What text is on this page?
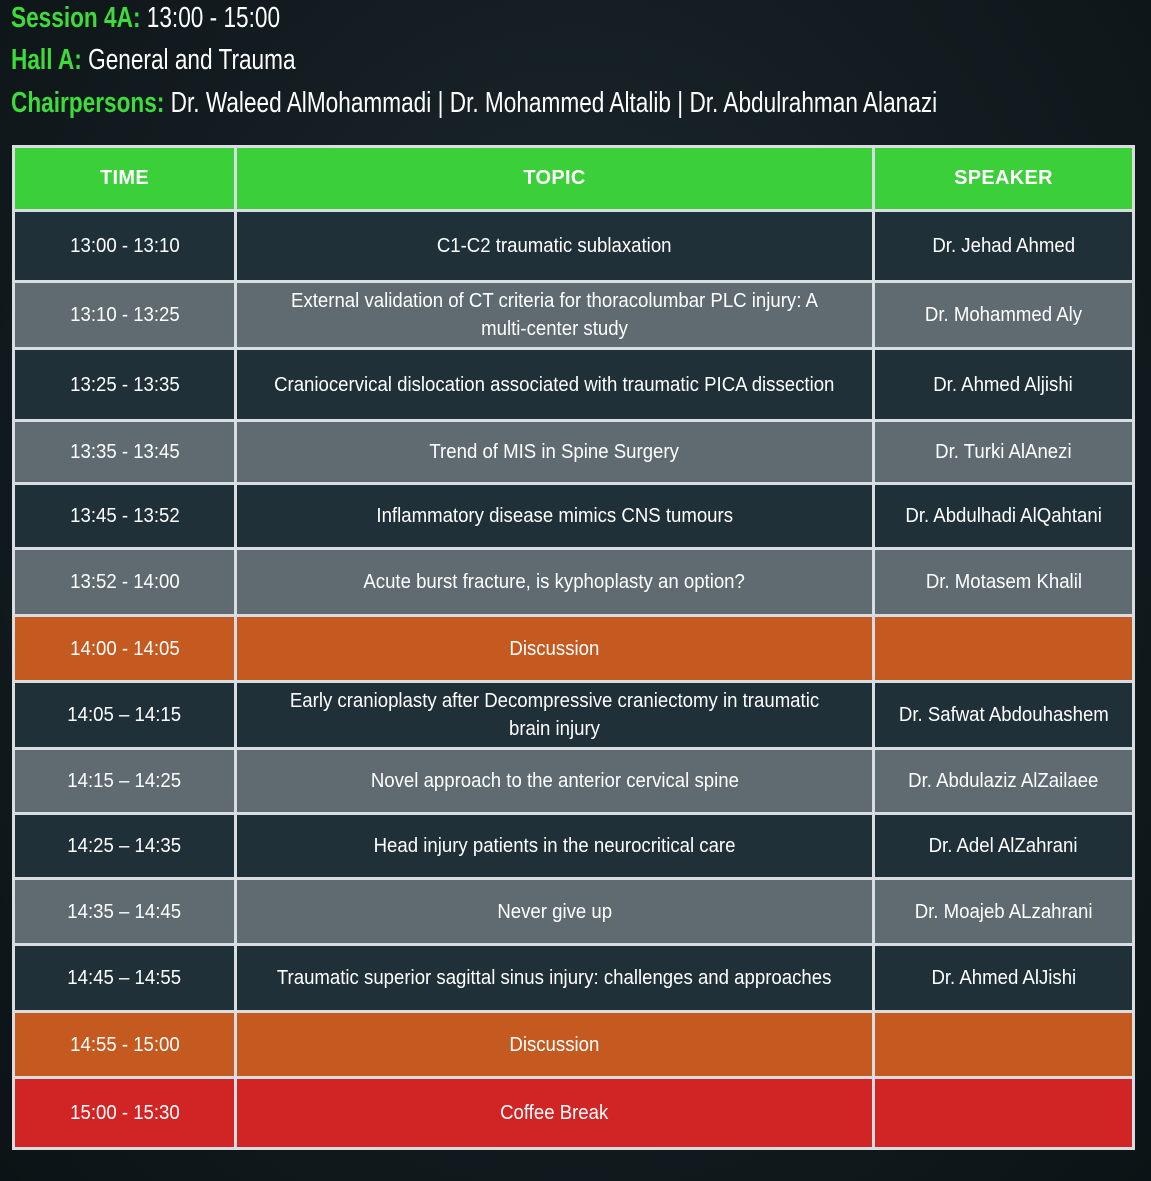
Session 4A: 13:00 - 15:00
Hall A: General and Trauma
Chairpersons: Dr. Waleed AlMohammadi | Dr. Mohammed Altalib | Dr. Abdulrahman Alanazi
TIME	TOPIC	SPEAKER
13:00 - 13:10	C1-C2 traumatic sublaxation	Dr. Jehad Ahmed
13:10 - 13:25	External validation of CT criteria for thoracolumbar PLC injury: A multi-center study	Dr. Mohammed Aly
13:25 - 13:35	Craniocervical dislocation associated with traumatic PICA dissection	Dr. Ahmed Aljishi
13:35 - 13:45	Trend of MIS in Spine Surgery	Dr. Turki AlAnezi
13:45 - 13:52	Inflammatory disease mimics CNS tumours	Dr. Abdulhadi AlQahtani
13:52 - 14:00	Acute burst fracture, is kyphoplasty an option?	Dr. Motasem Khalil
14:00 - 14:05	Discussion	
14:05 – 14:15	Early cranioplasty after Decompressive craniectomy in traumatic brain injury	Dr. Safwat Abdouhashem
14:15 – 14:25	Novel approach to the anterior cervical spine	Dr. Abdulaziz AlZailaee
14:25 – 14:35	Head injury patients in the neurocritical care	Dr. Adel AlZahrani
14:35 – 14:45	Never give up	Dr. Moajeb ALzahrani
14:45 – 14:55	Traumatic superior sagittal sinus injury: challenges and approaches	Dr. Ahmed AlJishi
14:55 - 15:00	Discussion	
15:00 - 15:30	Coffee Break	
